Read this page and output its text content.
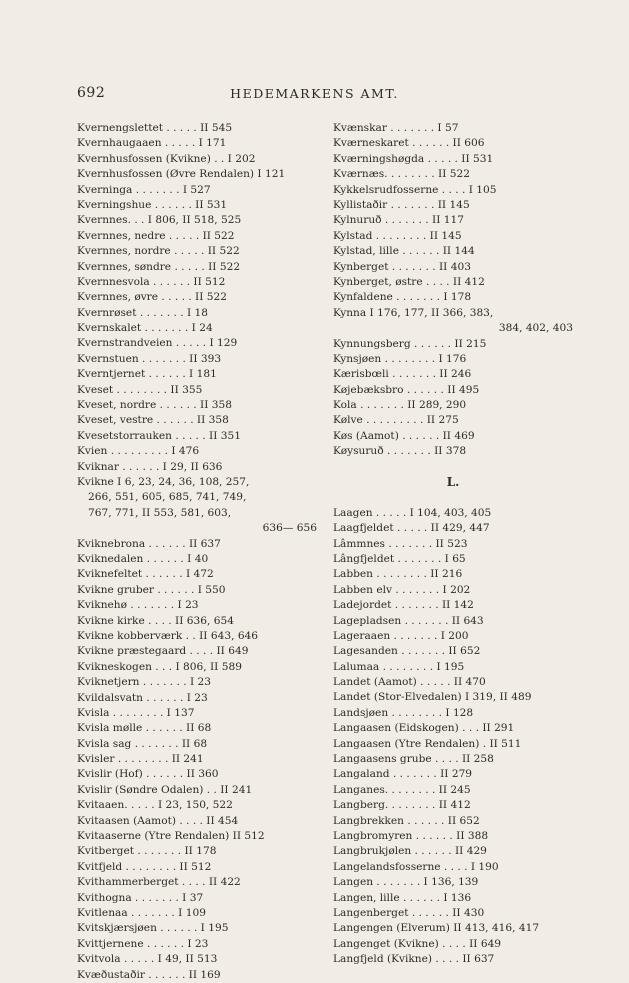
692	HEDEMARKENS AMT.
Kvernengslettet . . . . . II 545
Kvernhaugaaen . . . . . I 171
Kvernhusfossen (Kvikne) . . I 202
Kvernhusfossen (Øvre Rendalen) I 121
Kverninga . . . . . . . I 527
Kverningshue . . . . . . II 531
Kvernnes. . . I 806, II 518, 525
Kvernnes, nedre . . . . . II 522
Kvernnes, nordre . . . . . II 522
Kvernnes, søndre . . . . . II 522
Kvernnesvola . . . . . . II 512
Kvernnes, øvre . . . . . II 522
Kvernrøset . . . . . . . I 18
Kvernskalet . . . . . . . I 24
Kvernstrandveien . . . . . I 129
Kvernstuen . . . . . . . II 393
Kverntjernet . . . . . . I 181
Kveset . . . . . . . . II 355
Kveset, nordre . . . . . . II 358
Kveset, vestre . . . . . . II 358
Kvesetstorrauken . . . . . II 351
Kvien . . . . . . . . . I 476
Kviknar . . . . . . I 29, II 636
Kvikne I 6, 23, 24, 36, 108, 257,
266, 551, 605, 685, 741, 749,
767, 771, II 553, 581, 603,
636— 656
Kviknebrona . . . . . . II 637
Kviknedalen . . . . . . I 40
Kviknefeltet . . . . . . I 472
Kvikne gruber . . . . . . I 550
Kviknehø . . . . . . . I 23
Kvikne kirke . . . . II 636, 654
Kvikne kobberværk . . II 643, 646
Kvikne præstegaard . . . . II 649
Kvikneskogen . . . I 806, II 589
Kviknetjern . . . . . . . I 23
Kvildalsvatn . . . . . . I 23
Kvisla . . . . . . . . I 137
Kvisla mølle . . . . . . II 68
Kvisla sag . . . . . . . II 68
Kvisler . . . . . . . . II 241
Kvislir (Hof) . . . . . . II 360
Kvislir (Søndre Odalen) . . II 241
Kvitaaen. . . . . I 23, 150, 522
Kvitaasen (Aamot) . . . . II 454
Kvitaaserne (Ytre Rendalen) II 512
Kvitberget . . . . . . . II 178
Kvitfjeld . . . . . . . . II 512
Kvithammerberget . . . . II 422
Kvithogna . . . . . . . I 37
Kvitlenaa . . . . . . . I 109
Kvitskjærsjøen . . . . . . I 195
Kvittjernene . . . . . . I 23
Kvitvola . . . . . I 49, II 513
Kvæðustaðir . . . . . . II 169
Kvænskar . . . . . . . I 57
Kværneskaret . . . . . . II 606
Kværningshøgda . . . . . II 531
Kværnæs. . . . . . . . II 522
Kykkelsrudfosserne . . . . I 105
Kyllistaðir . . . . . . . II 145
Kylnuruð . . . . . . . II 117
Kylstad . . . . . . . . II 145
Kylstad, lille . . . . . . II 144
Kynberget . . . . . . . II 403
Kynberget, østre . . . . II 412
Kynfaldene . . . . . . . I 178
Kynna I 176, 177, II 366, 383,
384, 402, 403
Kynnungsberg . . . . . . II 215
Kynsjøen . . . . . . . . I 176
Kærisbœli . . . . . . . II 246
Køjebæksbro . . . . . . II 495
Kola . . . . . . . II 289, 290
Kølve . . . . . . . . . II 275
Køs (Aamot) . . . . . . II 469
Køysuruð . . . . . . . II 378
L.
Laagen . . . . . I 104, 403, 405
Laagfjeldet . . . . . II 429, 447
Lâmmnes . . . . . . . II 523
Lângfjeldet . . . . . . . I 65
Labben . . . . . . . . II 216
Labben elv . . . . . . . I 202
Ladejordet . . . . . . . II 142
Lagepladsen . . . . . . . II 643
Lageraaen . . . . . . . I 200
Lagesanden . . . . . . . II 652
Lalumaa . . . . . . . . I 195
Landet (Aamot) . . . . . II 470
Landet (Stor-Elvedalen) I 319, II 489
Landsjøen . . . . . . . . I 128
Langaasen (Eidskogen) . . . II 291
Langaasen (Ytre Rendalen) . II 511
Langaasens grube . . . . II 258
Langaland . . . . . . . II 279
Langanes. . . . . . . . II 245
Langberg. . . . . . . . II 412
Langbrekken . . . . . . II 652
Langbromyren . . . . . . II 388
Langbrukjølen . . . . . . II 429
Langelandsfosserne . . . . I 190
Langen . . . . . . . I 136, 139
Langen, lille . . . . . . I 136
Langenberget . . . . . . II 430
Langengen (Elverum) II 413, 416, 417
Langenget (Kvikne) . . . . II 649
Langfjeld (Kvikne) . . . . II 637
